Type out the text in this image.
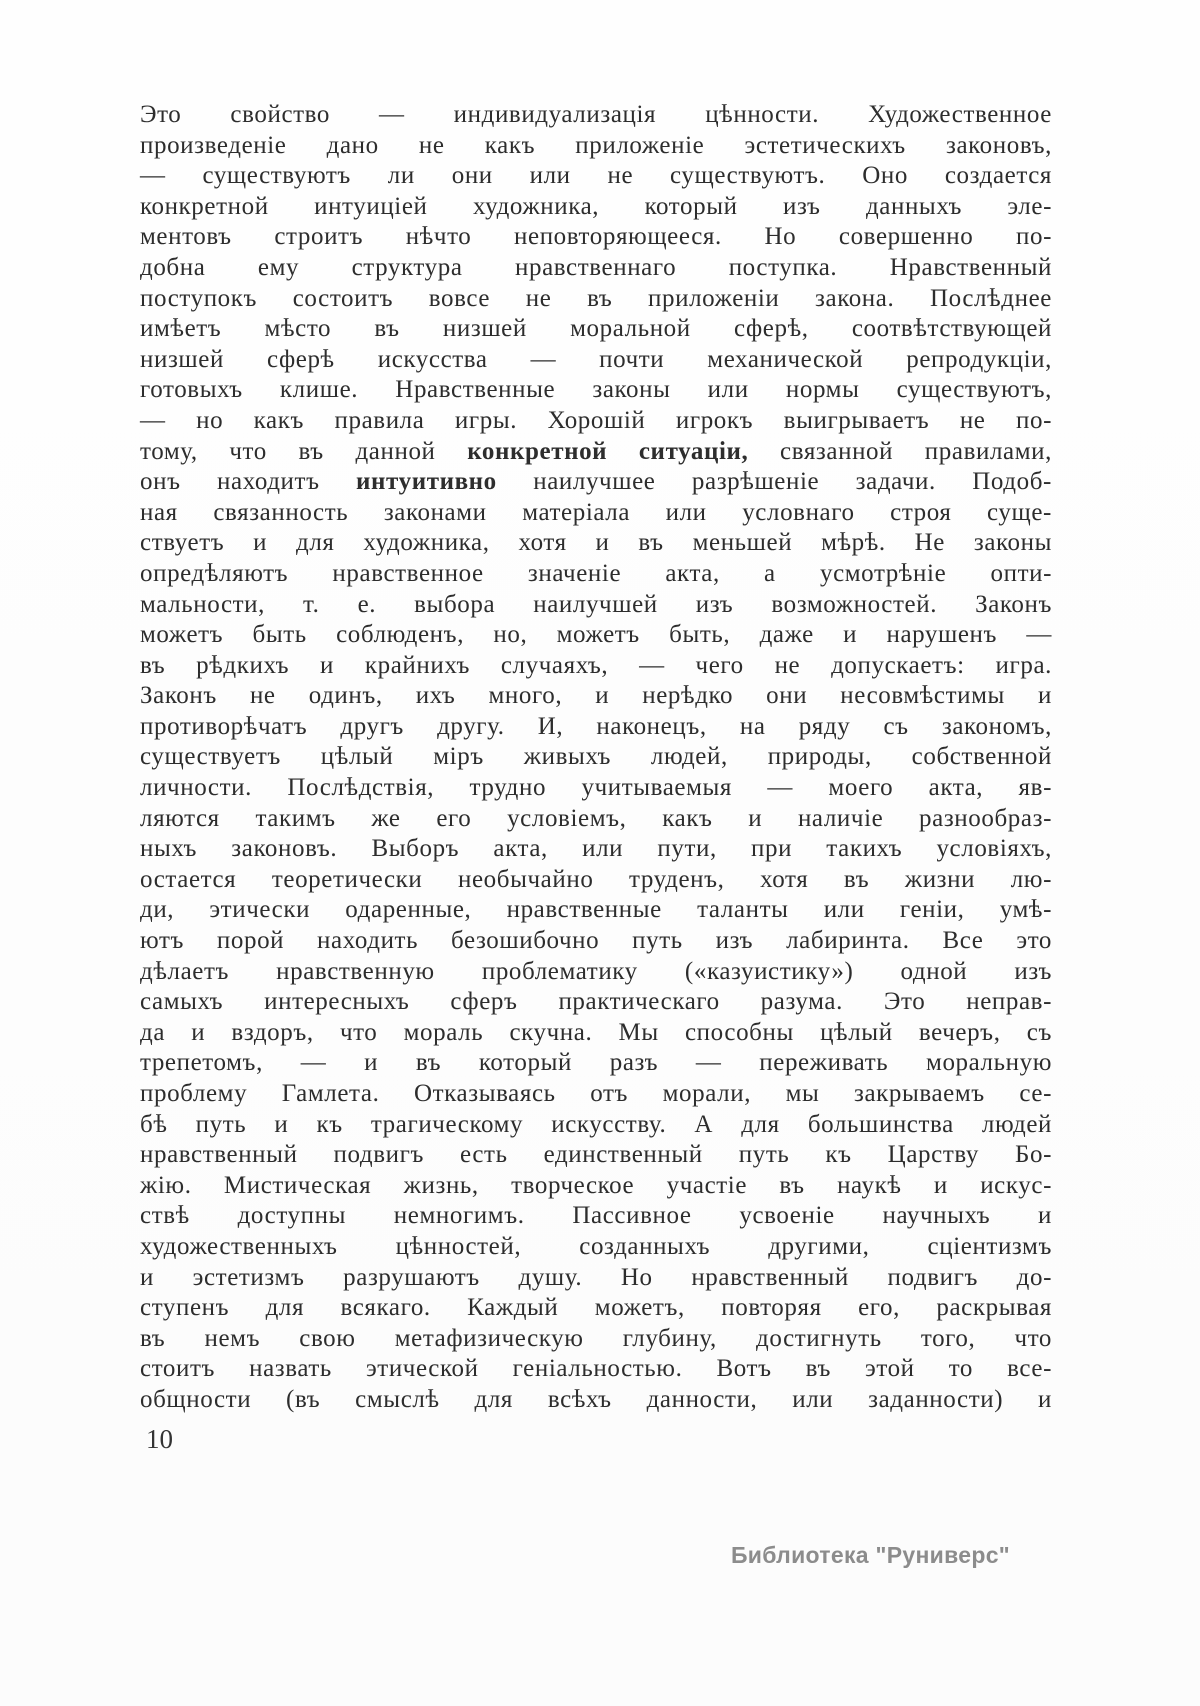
Это свойство — индивидуализація цѣнности. Художественное
произведеніе дано не какъ приложеніе эстетическихъ законовъ,
— существуютъ ли они или не существуютъ. Оно создается
конкретной интуиціей художника, который изъ данныхъ эле-
ментовъ строитъ нѣчто неповторяющееся. Но совершенно по-
добна ему структура нравственнаго поступка. Нравственный
поступокъ состоитъ вовсе не въ приложеніи закона. Послѣднее
имѣетъ мѣсто въ низшей моральной сферѣ, соотвѣтствующей
низшей сферѣ искусства — почти механической репродукціи,
готовыхъ клише. Нравственные законы или нормы существуютъ,
— но какъ правила игры. Хорошій игрокъ выигрываетъ не по-
тому, что въ данной конкретной ситуаціи, связанной правилами,
онъ находитъ интуитивно наилучшее разрѣшеніе задачи. Подоб-
ная связанность законами матеріала или условнаго строя суще-
ствуетъ и для художника, хотя и въ меньшей мѣрѣ. Не законы
опредѣляютъ нравственное значеніе акта, а усмотрѣніе опти-
мальности, т. е. выбора наилучшей изъ возможностей. Законъ
можетъ быть соблюденъ, но, можетъ быть, даже и нарушенъ —
въ рѣдкихъ и крайнихъ случаяхъ, — чего не допускаетъ: игра.
Законъ не одинъ, ихъ много, и нерѣдко они несовмѣстимы и
противорѣчатъ другъ другу. И, наконецъ, на ряду съ закономъ,
существуетъ цѣлый міръ живыхъ людей, природы, собственной
личности. Послѣдствія, трудно учитываемыя — моего акта, яв-
ляются такимъ же его условіемъ, какъ и наличіе разнообраз-
ныхъ законовъ. Выборъ акта, или пути, при такихъ условіяхъ,
остается теоретически необычайно труденъ, хотя въ жизни лю-
ди, этически одаренные, нравственные таланты или геніи, умѣ-
ютъ порой находить безошибочно путь изъ лабиринта. Все это
дѣлаетъ нравственную проблематику («казуистику») одной изъ
самыхъ интересныхъ сферъ практическаго разума. Это неправ-
да и вздоръ, что мораль скучна. Мы способны цѣлый вечеръ, съ
трепетомъ, — и въ который разъ — переживать моральную
проблему Гамлета. Отказываясь отъ морали, мы закрываемъ се-
бѣ путь и къ трагическому искусству. А для большинства людей
нравственный подвигъ есть единственный путь къ Царству Бо-
жію. Мистическая жизнь, творческое участіе въ наукѣ и искус-
ствѣ доступны немногимъ. Пассивное усвоеніе научныхъ и
художественныхъ цѣнностей, созданныхъ другими, сціентизмъ
и эстетизмъ разрушаютъ душу. Но нравственный подвигъ до-
ступенъ для всякаго. Каждый можетъ, повторяя его, раскрывая
въ немъ свою метафизическую глубину, достигнуть того, что
стоитъ назвать этической геніальностью. Вотъ въ этой то все-
общности (въ смыслѣ для всѣхъ данности, или заданности) и
10
Библиотека "Руниверс"
